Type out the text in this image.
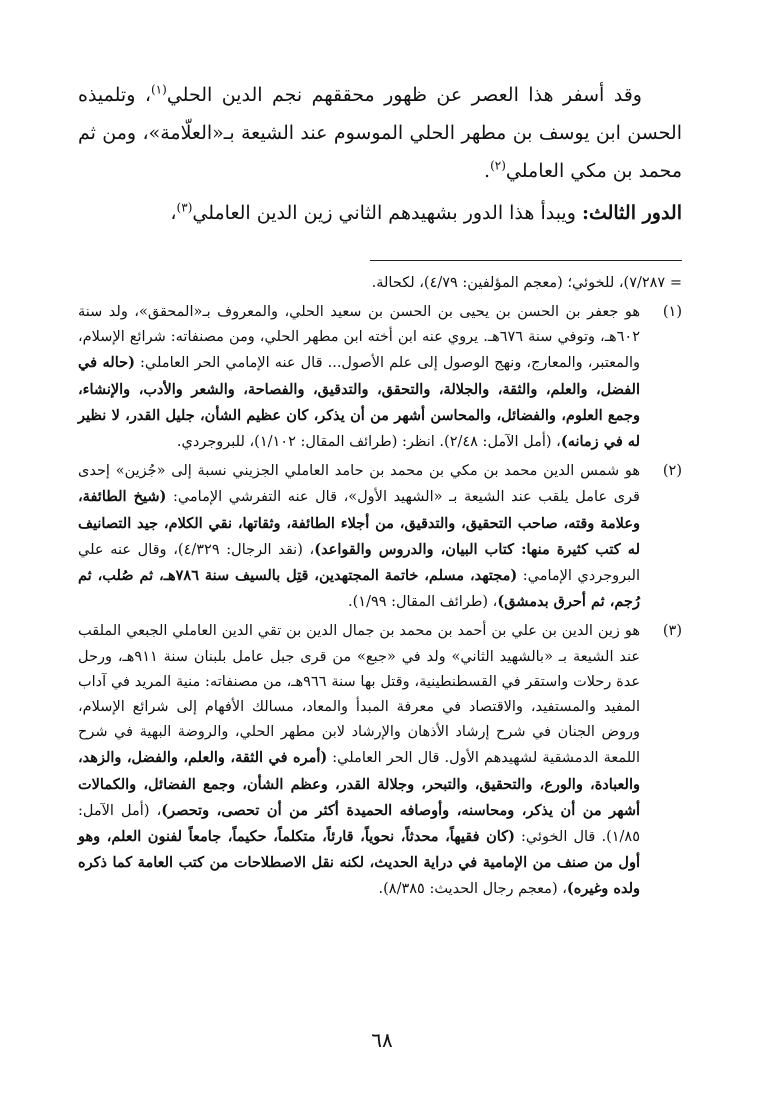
وقد أسفر هذا العصر عن ظهور محققهم نجم الدين الحلي$^{(١)}$، وتلميذه الحسن ابن يوسف بن مطهر الحلي الموسوم عند الشيعة بـ«العلّامة»، ومن ثم محمد بن مكي العاملي$^{(٢)}$.

الدور الثالث: ويبدأ هذا الدور بشهيدهم الثاني زين الدين العاملي$^{(٣)}$،

= ٧/٢٨٧)، للخوئي؛ (معجم المؤلفين: ٤/٧٩)، لكحالة.

(١)
هو جعفر بن الحسن بن يحيى بن الحسن بن سعيد الحلي، والمعروف بـ«المحقق»، ولد سنة ٦٠٢هـ، وتوفي سنة ٦٧٦هـ. يروي عنه ابن أخته ابن مطهر الحلي، ومن مصنفاته: شرائع الإسلام، والمعتبر، والمعارج، ونهج الوصول إلى علم الأصول... قال عنه الإمامي الحر العاملي: (حاله في الفضل، والعلم، والثقة، والجلالة، والتحقق، والتدقيق، والفصاحة، والشعر والأدب، والإنشاء، وجمع العلوم، والفضائل، والمحاسن أشهر من أن يذكر، كان عظيم الشأن، جليل القدر، لا نظير له في زمانه)، (أمل الآمل: ٢/٤٨). انظر: (طرائف المقال: ١/١٠٢)، للبروجردي.
(٢)
هو شمس الدين محمد بن مكي بن محمد بن حامد العاملي الجزيني نسبة إلى «جُزين» إحدى قرى عامل يلقب عند الشيعة بـ «الشهيد الأول»، قال عنه التفرشي الإمامي: (شيخ الطائفة، وعلامة وقته، صاحب التحقيق، والتدقيق، من أجلاء الطائفة، وثقاتها، نقي الكلام، جيد التصانيف له كتب كثيرة منها: كتاب البيان، والدروس والقواعد)، (نقد الرجال: ٤/٣٢٩)، وقال عنه علي البروجردي الإمامي: (مجتهد، مسلم، خاتمة المجتهدين، قتِل بالسيف سنة ٧٨٦هـ، ثم صُلب، ثم رُجم، ثم أحرق بدمشق)، (طرائف المقال: ١/٩٩).
(٣)
هو زين الدين بن علي بن أحمد بن محمد بن جمال الدين بن تقي الدين العاملي الجبعي الملقب عند الشيعة بـ «بالشهيد الثاني» ولد في «جبع» من قرى جبل عامل بلبنان سنة ٩١١هـ، ورحل عدة رحلات واستقر في القسطنطينية، وقتل بها سنة ٩٦٦هـ، من مصنفاته: منية المريد في آداب المفيد والمستفيد، والاقتصاد في معرفة المبدأ والمعاد، مسالك الأفهام إلى شرائع الإسلام، وروض الجنان في شرح إرشاد الأذهان والإرشاد لابن مطهر الحلي، والروضة البهية في شرح اللمعة الدمشقية لشهيدهم الأول. قال الحر العاملي: (أمره في الثقة، والعلم، والفضل، والزهد، والعبادة، والورع، والتحقيق، والتبحر، وجلالة القدر، وعظم الشأن، وجمع الفضائل، والكمالات أشهر من أن يذكر، ومحاسنه، وأوصافه الحميدة أكثر من أن تحصى، وتحصر)، (أمل الآمل: ١/٨٥). قال الخوئي: (كان فقيهاً، محدثاً، نحوياً، قارئاً، متكلماً، حكيماً، جامعاً لفنون العلم، وهو أول من صنف من الإمامية في دراية الحديث، لكنه نقل الاصطلاحات من كتب العامة كما ذكره ولده وغيره)، (معجم رجال الحديث: ٨/٣٨٥).
٦٨
